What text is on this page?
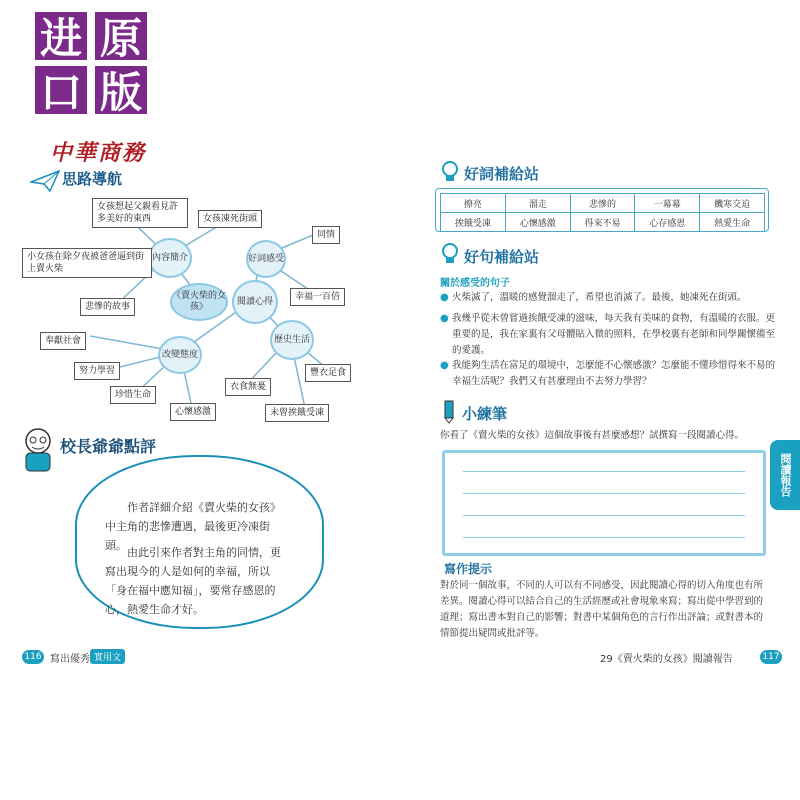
进 原
口 版
中華商務
思路導航
《賣火柴的女孩》
內容簡介
閱讀心得
好詞感受
歷史生活
改變態度
女孩想起父親看見許多美好的東西	女孩凍死街頭
小女孩在除夕夜被爸爸逼到街上賣火柴
悲慘的故事
同情
幸福一百倍
奉獻社會
努力學習
珍惜生命
心懷感激
衣食無憂
豐衣足食
未曾挨餓受凍
校長爺爺點評
作者詳細介紹《賣火柴的女孩》中主角的悲慘遭遇，最後更冷凍街頭。
由此引來作者對主角的同情，更寫出現今的人是如何的幸福，所以「身在福中應知福」，要常存感恩的心，熱愛生命才好。
116 寫出優秀 實用文
好詞補給站
撩亮	溜走	悲慘的	一幕幕	饑寒交迫
挨餓受凍	心懷感激	得來不易	心存感恩	熱愛生命
好句補給站
關於感受的句子
● 火柴滅了，溫暖的感覺溜走了，希望也消滅了。最後，她凍死在街頭。
● 我幾乎從未曾嘗過挨餓受凍的滋味，每天我有美味的食物，有溫暖的衣服。更重要的是，我在家裏有父母體貼入微的照料，在學校裏有老師和同學關懷備至的愛護。
● 我能夠生活在富足的環境中，怎麼能不心懷感激？怎麼能不懂珍惜得來不易的幸福生活呢？我們又有甚麼理由不去努力學習？
小練筆
你看了《賣火柴的女孩》這個故事後有甚麼感想？試撰寫一段閱讀心得。
閱讀報告
寫作提示
對於同一個故事，不同的人可以有不同感受，因此閱讀心得的切入角度也有所差異。閱讀心得可以結合自己的生活經歷或社會現象來寫；寫出從中學習到的道理；寫出書本對自己的影響；對書中某個角色的言行作出評論；或對書本的情節提出疑問或批評等。
29《賣火柴的女孩》閱讀報告	117
